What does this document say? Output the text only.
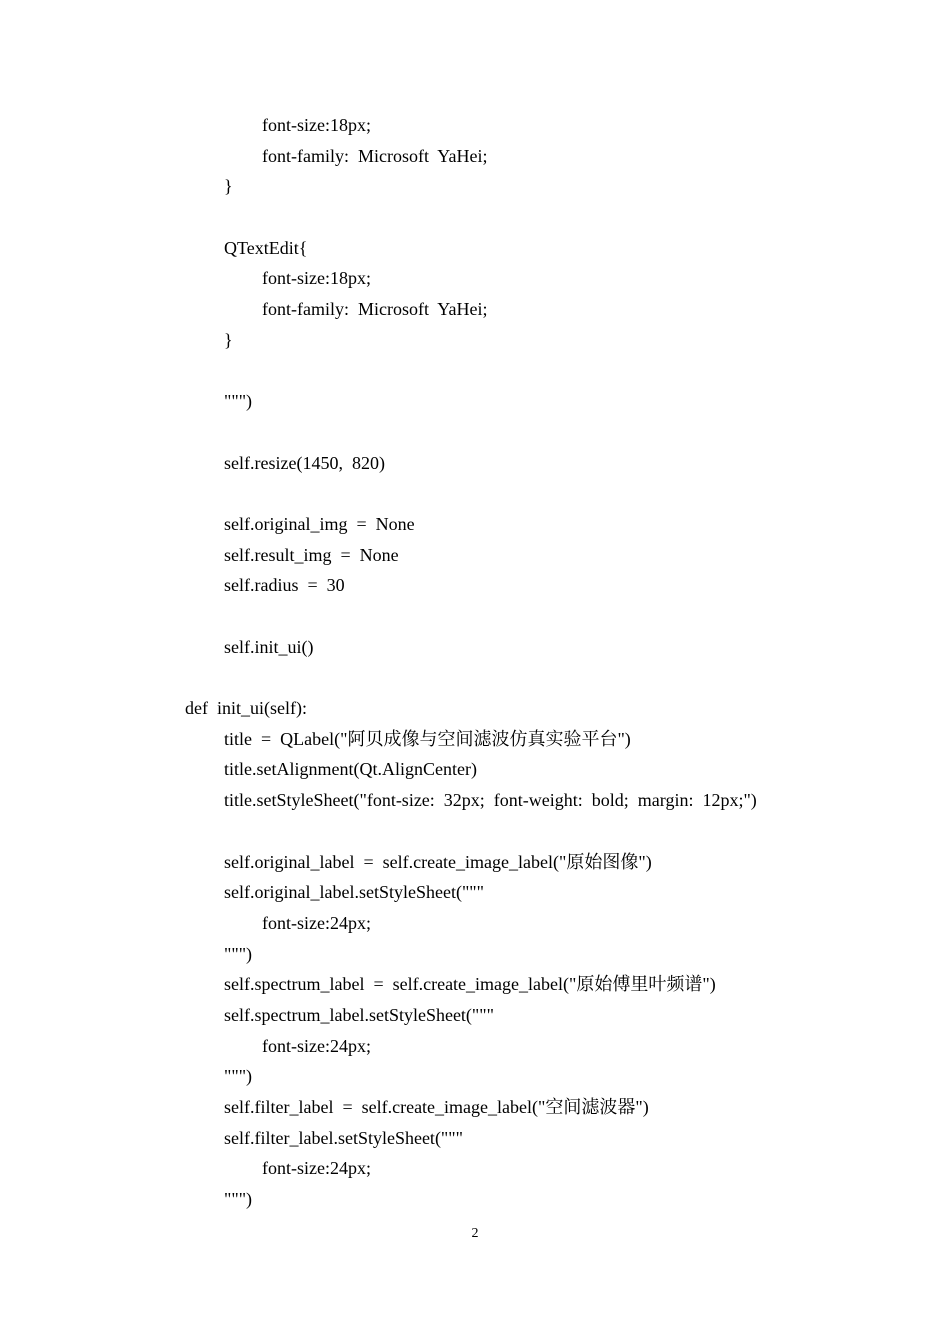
font-size:18px;
font-family:  Microsoft  YaHei;
}
QTextEdit{
font-size:18px;
font-family:  Microsoft  YaHei;
}
""")
self.resize(1450,  820)
self.original_img  =  None
self.result_img  =  None
self.radius  =  30
self.init_ui()
def  init_ui(self):
title  =  QLabel("阿贝成像与空间滤波仿真实验平台")
title.setAlignment(Qt.AlignCenter)
title.setStyleSheet("font-size:  32px;  font-weight:  bold;  margin:  12px;")
self.original_label  =  self.create_image_label("原始图像")
self.original_label.setStyleSheet("""
font-size:24px;
""")
self.spectrum_label  =  self.create_image_label("原始傅里叶频谱")
self.spectrum_label.setStyleSheet("""
font-size:24px;
""")
self.filter_label  =  self.create_image_label("空间滤波器")
self.filter_label.setStyleSheet("""
font-size:24px;
""")
2
